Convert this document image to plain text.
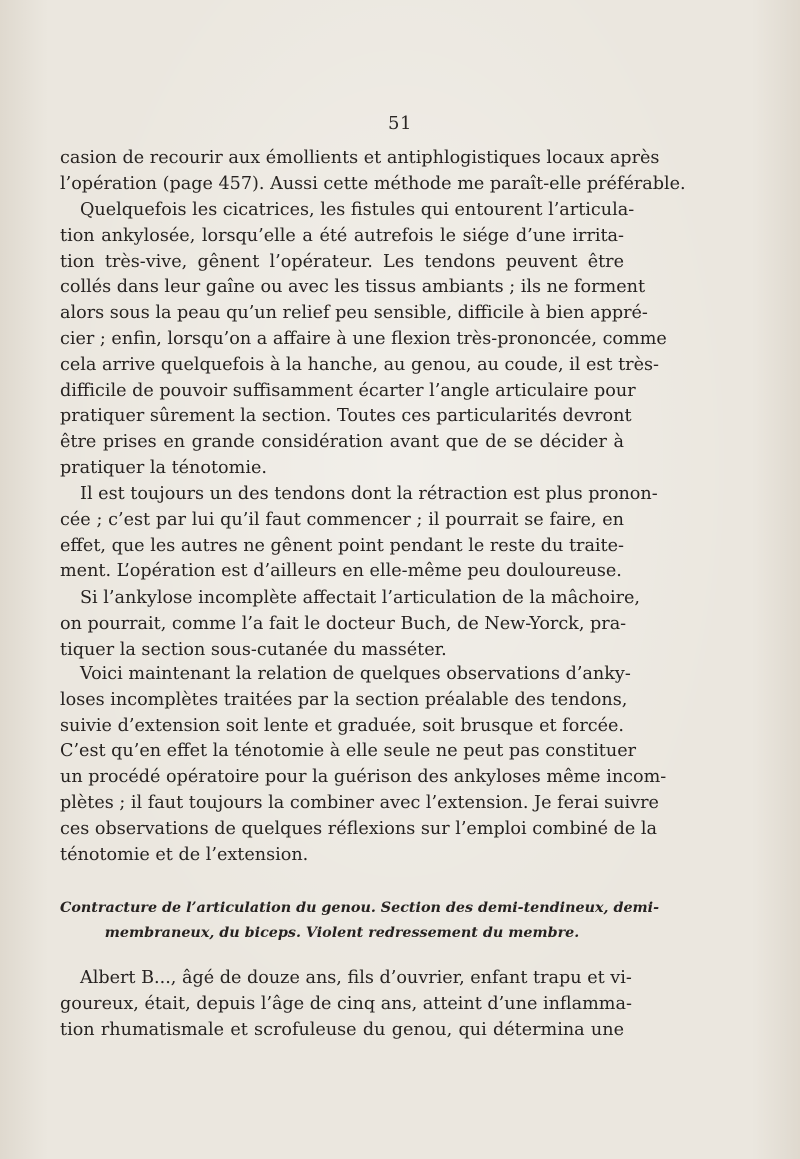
51
casion de recourir aux émollients et antiphlogistiques locaux après
l’opération (page 457). Aussi cette méthode me paraît-elle préférable.
Quelquefois les cicatrices, les fistules qui entourent l’articula-
tion ankylosée, lorsqu’elle a été autrefois le siége d’une irrita-
tion très-vive, gênent l’opérateur. Les tendons peuvent être
collés dans leur gaîne ou avec les tissus ambiants ; ils ne forment
alors sous la peau qu’un relief peu sensible, difficile à bien appré-
cier ; enfin, lorsqu’on a affaire à une flexion très-prononcée, comme
cela arrive quelquefois à la hanche, au genou, au coude, il est très-
difficile de pouvoir suffisamment écarter l’angle articulaire pour
pratiquer sûrement la section. Toutes ces particularités devront
être prises en grande considération avant que de se décider à
pratiquer la ténotomie.
Il est toujours un des tendons dont la rétraction est plus pronon-
cée ; c’est par lui qu’il faut commencer ; il pourrait se faire, en
effet, que les autres ne gênent point pendant le reste du traite-
ment. L’opération est d’ailleurs en elle-même peu douloureuse.
Si l’ankylose incomplète affectait l’articulation de la mâchoire,
on pourrait, comme l’a fait le docteur Buch, de New-Yorck, pra-
tiquer la section sous-cutanée du masséter.
Voici maintenant la relation de quelques observations d’anky-
loses incomplètes traitées par la section préalable des tendons,
suivie d’extension soit lente et graduée, soit brusque et forcée.
C’est qu’en effet la ténotomie à elle seule ne peut pas constituer
un procédé opératoire pour la guérison des ankyloses même incom-
plètes ; il faut toujours la combiner avec l’extension. Je ferai suivre
ces observations de quelques réflexions sur l’emploi combiné de la
ténotomie et de l’extension.
Contracture de l’articulation du genou. Section des demi-tendineux, demi-
membraneux, du biceps. Violent redressement du membre.
Albert B..., âgé de douze ans, fils d’ouvrier, enfant trapu et vi-
goureux, était, depuis l’âge de cinq ans, atteint d’une inflamma-
tion rhumatismale et scrofuleuse du genou, qui détermina une
